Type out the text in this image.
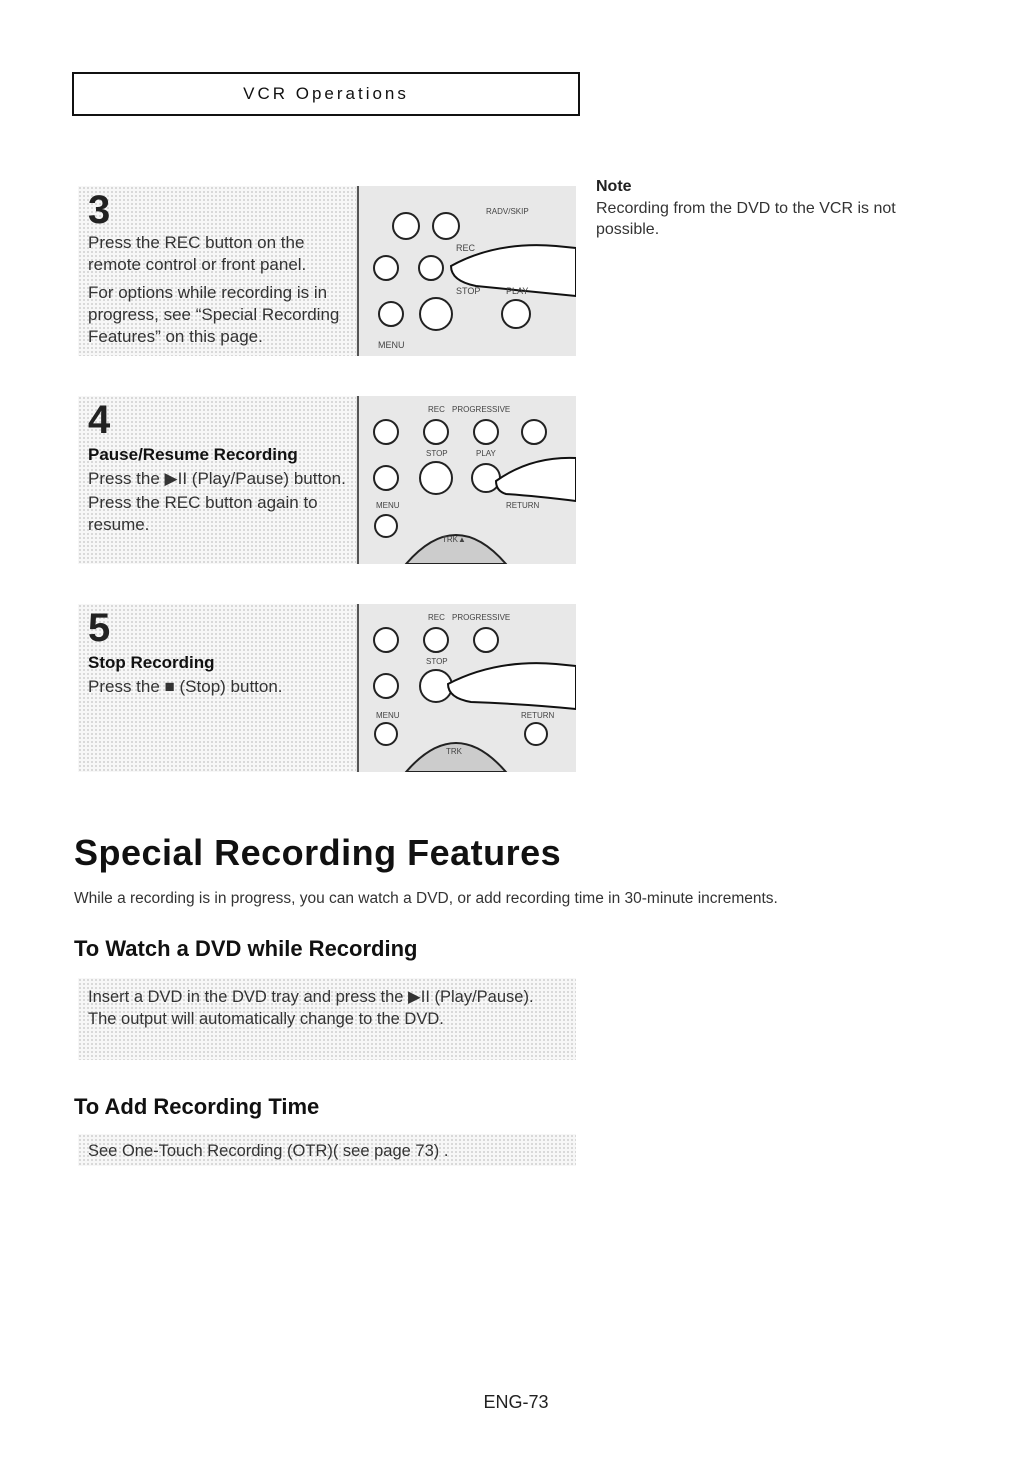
VCR Operations
3

Press the REC button on the remote control or front panel.

For options while recording is in progress, see “Special Recording Features” on this page.

REC
STOP	PLAY
MENU
RADV/SKIP
4
Pause/Resume Recording

Press the ▶II (Play/Pause) button.

Press the REC button again to resume.

REC PROGRESSIVE
STOP	PLAY
MENU	RETURN
TRK▲
5
Stop Recording

Press the ■ (Stop) button.

REC PROGRESSIVE
STOP
MENU	RETURN
TRK
Note
Recording from the DVD to the VCR is not possible.
Special Recording Features
While a recording is in progress, you can watch a DVD, or add recording time in 30-minute increments.
To Watch a DVD while Recording

Insert a DVD in the DVD tray and press the ▶II (Play/Pause). The output will automatically change to the DVD.

To Add Recording Time

See One-Touch Recording (OTR)( see page 73) .

ENG-73
